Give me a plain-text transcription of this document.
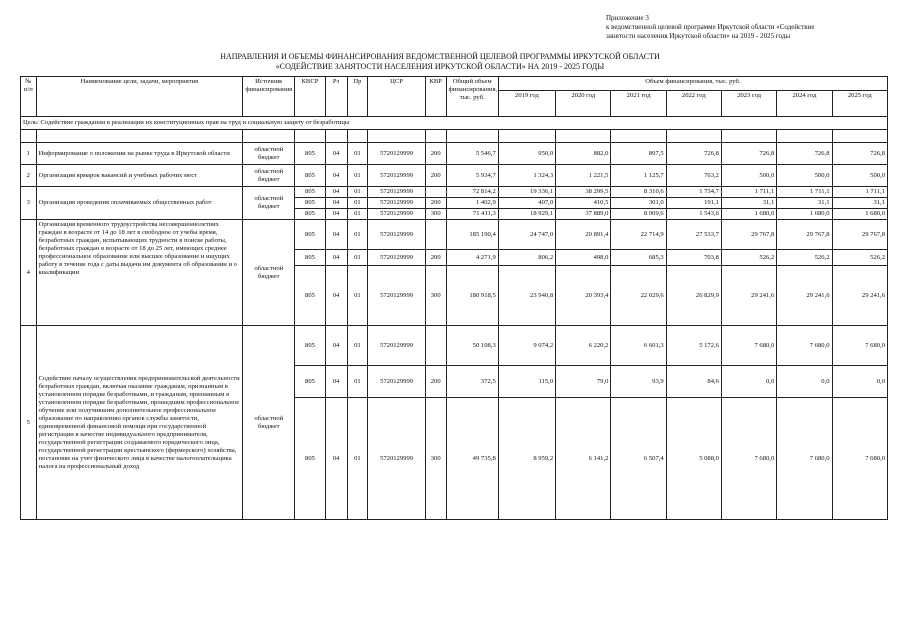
Приложение 3
к ведомственной целевой программе Иркутской области «Содействие
занятости населения Иркутской области» на 2019 - 2025 годы
НАПРАВЛЕНИЯ И ОБЪЕМЫ ФИНАНСИРОВАНИЯ ВЕДОМСТВЕННОЙ ЦЕЛЕВОЙ ПРОГРАММЫ ИРКУТСКОЙ ОБЛАСТИ
«СОДЕЙСТВИЕ ЗАНЯТОСТИ НАСЕЛЕНИЯ ИРКУТСКОЙ ОБЛАСТИ» НА 2019 - 2025 ГОДЫ
№ п/п	Наименование цели, задачи, мероприятия	Источник финансирования	КВСР	Рз	Пр	ЦСР	КВР	Общий объем финансирования, тыс. руб.	Объем финансирования, тыс. руб.						
									2019 год	2020 год	2021 год	2022 год	2023 год	2024 год	2025 год
Цель: Содействие гражданам в реализации их конституционных прав на труд и социальную защиту от безработицы															

1	Информирование о положении на рынке труда в Иркутской области	областной бюджет	805	04	01	5720129999	200	5 546,7	950,0	882,0	897,5	726,8	726,8	726,8	726,8
2	Организация ярмарок вакансий и учебных рабочих мест	областной бюджет	805	04	01	5720129999	200	5 934,7	1 324,3	1 221,5	1 125,7	763,2	500,0	500,0	500,0
3	Организация проведения оплачиваемых общественных работ	областной бюджет	805	04	01	5720129999		72 814,2	19 336,1	38 299,5	8 310,6	1 734,7	1 711,1	1 711,1	1 711,1
			805	04	01	5720129999	200	1 402,9	407,0	410,5	301,0	191,1	31,1	31,1	31,1
			805	04	01	5720129999	300	71 411,3	18 929,1	37 889,0	8 009,6	1 543,6	1 680,0	1 680,0	1 680,0
4	Организация временного трудоустройства несовершеннолетних граждан в возрасте от 14 до 18 лет в свободное от учебы время, безработных граждан, испытывающих трудности в поиске работы, безработных граждан в возрасте от 18 до 25 лет, имеющих среднее профессиональное образование или высшее образование и ищущих работу в течение года с даты выдачи им документа об образовании и о квалификации	областной бюджет	805	04	01	5720129999		185 190,4	24 747,0	20 891,4	22 714,9	27 533,7	29 767,8	29 767,8	29 767,8
			805	04	01	5720129999	200	4 271,9	806,2	498,0	685,3	703,8	526,2	526,2	526,2
			805	04	01	5720129999	300	180 918,5	23 940,8	20 393,4	22 029,6	26 829,9	29 241,6	29 241,6	29 241,6
5	Содействие началу осуществления предпринимательской деятельности безработных граждан, включая оказание гражданам, признанным в установленном порядке безработными, и гражданам, признанным в установленном порядке безработными, прошедшим профессиональное обучение или получившим дополнительное профессиональное образование по направлению органов службы занятости, единовременной финансовой помощи при государственной регистрации в качестве индивидуального предпринимателя, государственной регистрации создаваемого юридического лица, государственной регистрации крестьянского (фермерского) хозяйства, постановке на учет физического лица в качестве налогоплательщика налога на профессиональный доход	областной бюджет	805	04	01	5720129999		50 108,3	9 074,2	6 220,2	6 601,3	5 172,6	7 680,0	7 680,0	7 680,0
			805	04	01	5720129999	200	372,5	115,0	79,0	93,9	84,6	0,0	0,0	0,0
			805	04	01	5720129999	300	49 735,8	8 959,2	6 141,2	6 507,4	5 088,0	7 680,0	7 680,0	7 680,0
